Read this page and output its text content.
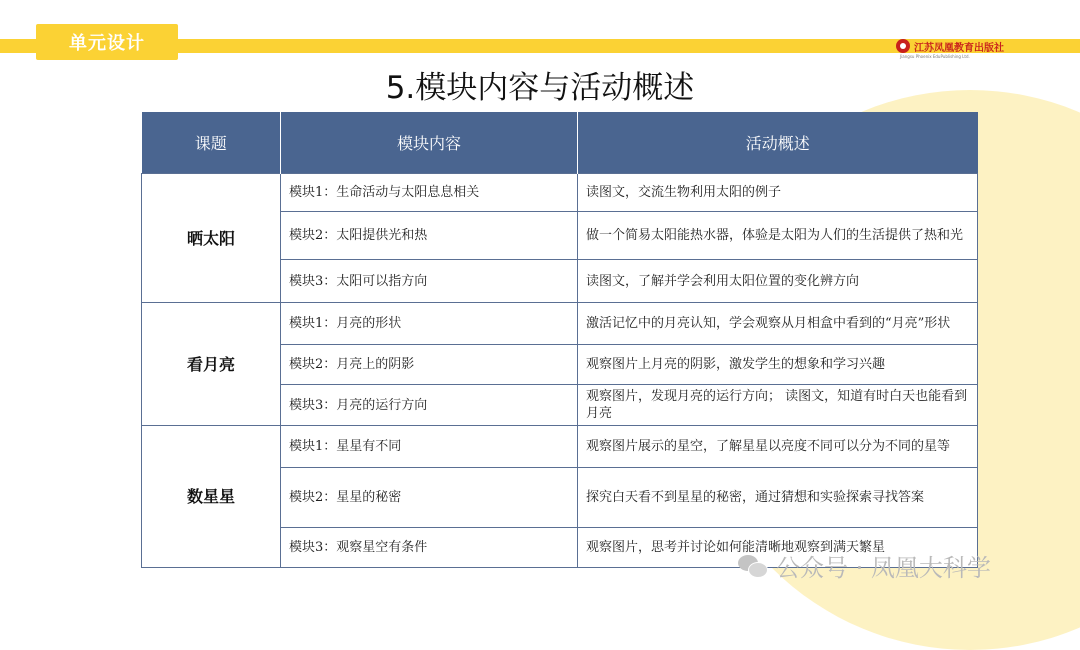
单元设计	江苏凤凰教育出版社
Jiangsu Phoenix EduPublishing Ltd.
5.模块内容与活动概述
课题	模块内容	活动概述
晒太阳	模块1：生命活动与太阳息息相关	读图文，交流生物利用太阳的例子
	模块2：太阳提供光和热	做一个简易太阳能热水器，体验是太阳为人们的生活提供了热和光
	模块3：太阳可以指方向	读图文，了解并学会利用太阳位置的变化辨方向
看月亮	模块1：月亮的形状	激活记忆中的月亮认知，学会观察从月相盒中看到的“月亮”形状
	模块2：月亮上的阴影	观察图片上月亮的阴影，激发学生的想象和学习兴趣
	模块3：月亮的运行方向	观察图片，发现月亮的运行方向； 读图文，知道有时白天也能看到月亮
数星星	模块1：星星有不同	观察图片展示的星空，了解星星以亮度不同可以分为不同的星等
	模块2：星星的秘密	探究白天看不到星星的秘密，通过猜想和实验探索寻找答案
	模块3：观察星空有条件	观察图片，思考并讨论如何能清晰地观察到满天繁星
公众号 · 凤凰大科学
